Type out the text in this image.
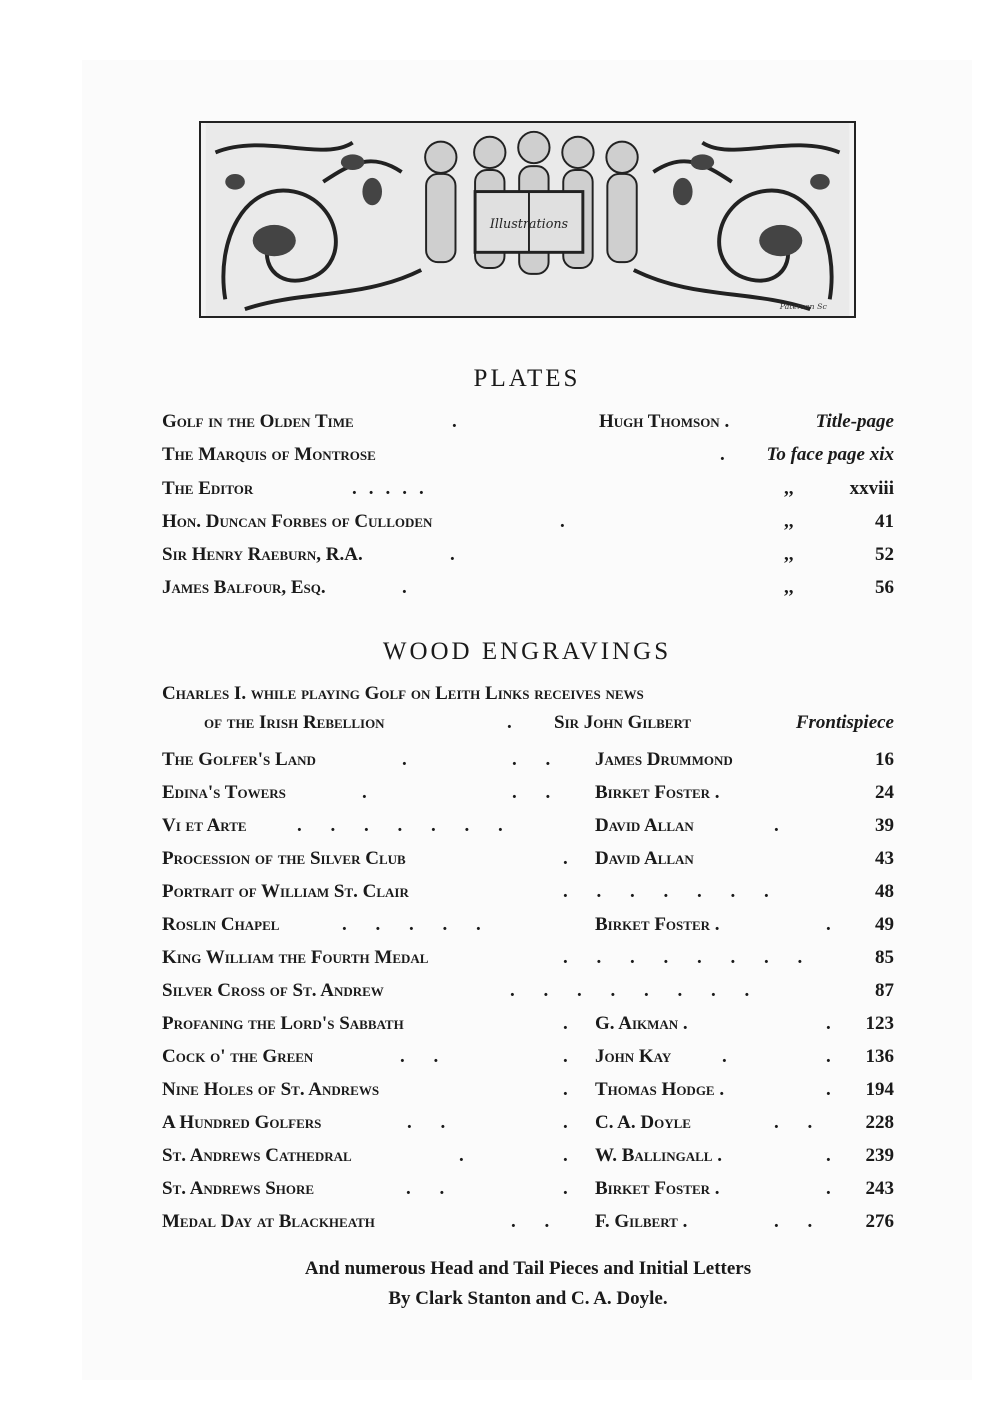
Illustrations
Paterson Sc
PLATES
Golf in the Olden Time	.	Hugh Thomson .	Title-page
The Marquis of Montrose	. To face page xix
The Editor	.....	,,	xxviii
Hon. Duncan Forbes of Culloden	.	,,	41
Sir Henry Raeburn, R.A.	.	,,	52
James Balfour, Esq.	.	,,	56
WOOD ENGRAVINGS
Charles I. while playing Golf on Leith Links receives news
of the Irish Rebellion	. Sir John Gilbert	Frontispiece
The Golfer's Land	.	. . James Drummond	16
Edina's Towers	.	. . Birket Foster .	24
Vi et Arte	. . . . . . .	David Allan	.	39
Procession of the Silver Club	. David Allan	43
Portrait of William St. Clair	. . . . . . .	48
Roslin Chapel	. . . . .	Birket Foster .	. 49
King William the Fourth Medal	. . . . . . . .	85
Silver Cross of St. Andrew	. . . . . . . .	87
Profaning the Lord's Sabbath	. G. Aikman .	. 123
Cock o' the Green	. .	. John Kay	.	. 136
Nine Holes of St. Andrews	. Thomas Hodge .	. 194
A Hundred Golfers	. .	. C. A. Doyle	. . 228
St. Andrews Cathedral	.	. W. Ballingall .	. 239
St. Andrews Shore	. .	. Birket Foster .	. 243
Medal Day at Blackheath	. . F. Gilbert .	. . 276
And numerous Head and Tail Pieces and Initial Letters
By Clark Stanton and C. A. Doyle.
